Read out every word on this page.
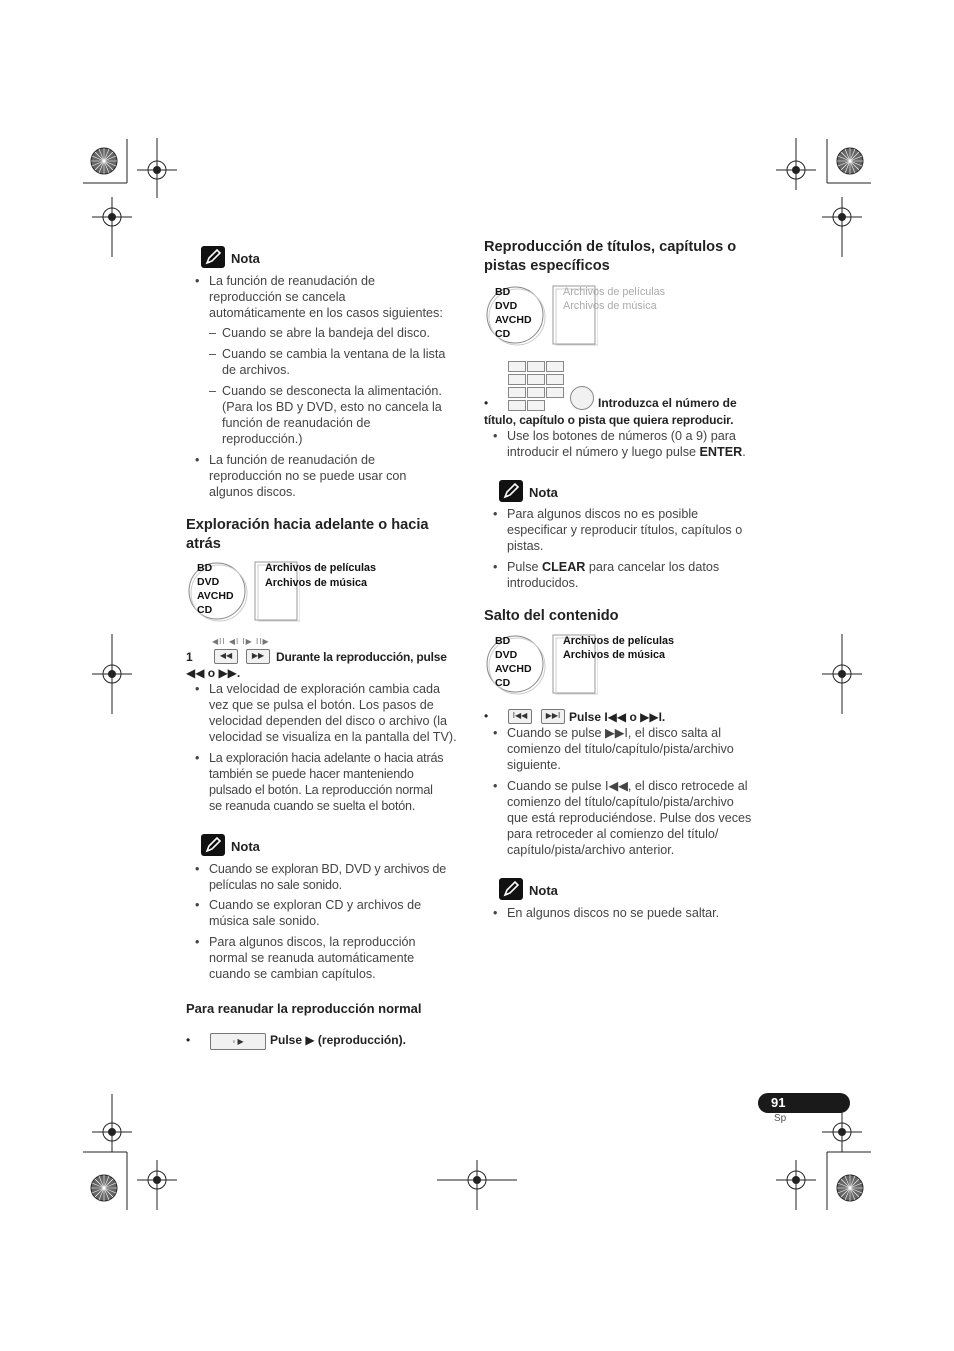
Nota
• La función de reanudación de
reproducción se cancela
automáticamente en los casos siguientes:
– Cuando se abre la bandeja del disco.
– Cuando se cambia la ventana de la lista
de archivos.
– Cuando se desconecta la alimentación.
(Para los BD y DVD, esto no cancela la
función de reanudación de
reproducción.)
• La función de reanudación de
reproducción no se puede usar con
algunos discos.
Exploración hacia adelante o hacia
atrás
BD
DVD
AVCHD
CD
Archivos de películas
Archivos de música
◀II ◀I I▶ II▶
1	◀◀	▶▶ Durante la reproducción, pulse
◀◀ o ▶▶.
• La velocidad de exploración cambia cada
vez que se pulsa el botón. Los pasos de
velocidad dependen del disco o archivo (la
velocidad se visualiza en la pantalla del TV).
• La exploración hacia adelante o hacia atrás
también se puede hacer manteniendo
pulsado el botón. La reproducción normal
se reanuda cuando se suelta el botón.
Nota
• Cuando se exploran BD, DVD y archivos de
películas no sale sonido.
• Cuando se exploran CD y archivos de
música sale sonido.
• Para algunos discos, la reproducción
normal se reanuda automáticamente
cuando se cambian capítulos.
Para reanudar la reproducción normal
•	◦ ▶	Pulse ▶ (reproducción).
Reproducción de títulos, capítulos o
pistas específicos
BD
DVD
AVCHD
CD
Archivos de películas
Archivos de música
•	Introduzca el número de
título, capítulo o pista que quiera reproducir.
• Use los botones de números (0 a 9) para
introducir el número y luego pulse ENTER.
Nota
• Para algunos discos no es posible
especificar y reproducir títulos, capítulos o
pistas.
• Pulse CLEAR para cancelar los datos
introducidos.
Salto del contenido
BD
DVD
AVCHD
CD
Archivos de películas
Archivos de música
•	I◀◀	▶▶I Pulse I◀◀ o ▶▶I.
• Cuando se pulse ▶▶I, el disco salta al
comienzo del título/capítulo/pista/archivo
siguiente.
• Cuando se pulse I◀◀, el disco retrocede al
comienzo del título/capítulo/pista/archivo
que está reproduciéndose. Pulse dos veces
para retroceder al comienzo del título/
capítulo/pista/archivo anterior.
Nota
• En algunos discos no se puede saltar.
91
Sp
